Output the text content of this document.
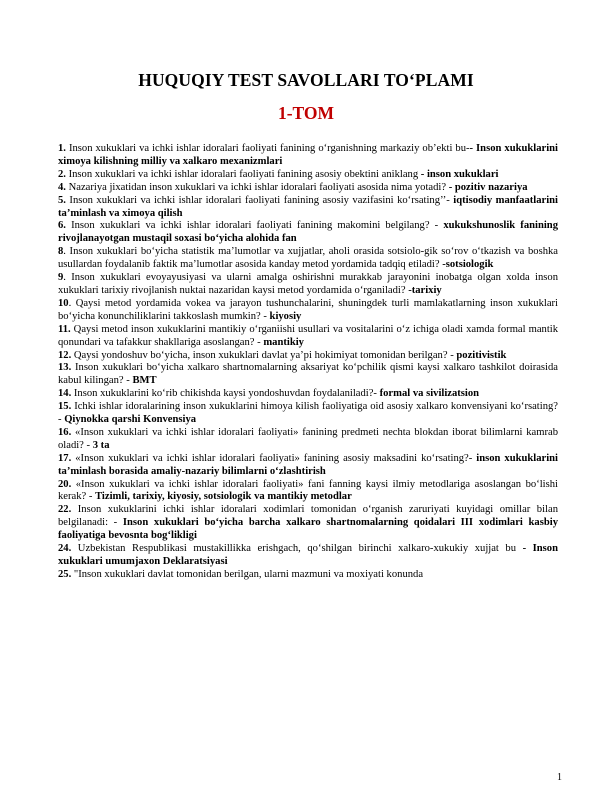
HUQUQIY TEST SAVOLLARI TO‘PLAMI
1-TOM

1. Inson xukuklari va ichki ishlar idoralari faoliyati fanining o‘rganishning markaziy ob’ekti bu-- Inson xukuklarini ximoya kilishning milliy va xalkaro mexanizmlari

2. Inson xukuklari va ichki ishlar idoralari faoliyati fanining asosiy obektini aniklang - inson xukuklari

4. Nazariya jixatidan inson xukuklari va ichki ishlar idoralari faoliyati asosida nima yotadi? - pozitiv nazariya

5. Inson xukuklari va ichki ishlar idoralari faoliyati fanining asosiy vazifasini ko‘rsating’’- iqtisodiy manfaatlarini ta’minlash va ximoya qilish

6. Inson xukuklari va ichki ishlar idoralari faoliyati fanining makomini belgilang? - xukukshunoslik fanining rivojlanayotgan mustaqil soxasi bo‘yicha alohida fan

8. Inson xukuklari bo‘yicha statistik ma’lumotlar va xujjatlar, aholi orasida sotsiolo-gik so‘rov o‘tkazish va boshka usullardan foydalanib faktik ma’lumotlar asosida kanday metod yordamida tadqiq etiladi? -sotsiologik

9. Inson xukuklari evoyayusiyasi va ularni amalga oshirishni murakkab jarayonini inobatga olgan xolda inson xukuklari tarixiy rivojlanish nuktai nazaridan kaysi metod yordamida o‘rganiladi? -tarixiy

10. Qaysi metod yordamida vokea va jarayon tushunchalarini, shuningdek turli mamlakatlarning inson xukuklari bo‘yicha konunchiliklarini takkoslash mumkin? - kiyosiy

11. Qaysi metod inson xukuklarini mantikiy o‘rganiishi usullari va vositalarini o‘z ichiga oladi xamda formal mantik qonundari va tafakkur shakllariga asoslangan? - mantikiy

12. Qaysi yondoshuv bo‘yicha, inson xukuklari davlat ya’pi hokimiyat tomonidan berilgan? - pozitivistik

13. Inson xukuklari bo‘yicha xalkaro shartnomalarning aksariyat ko‘pchilik qismi kaysi xalkaro tashkilot doirasida kabul kilingan? - BMT

14. Inson xukuklarini ko‘rib chikishda kaysi yondoshuvdan foydalaniladi?- formal va sivilizatsion

15. Ichki ishlar idoralarining inson xukuklarini himoya kilish faoliyatiga oid asosiy xalkaro konvensiyani ko‘rsating? - Qiynokka qarshi Konvensiya

16. «Inson xukuklari va ichki ishlar idoralari faoliyati» fanining predmeti nechta blokdan iborat bilimlarni kamrab oladi? - 3 ta

17. «Inson xukuklari va ichki ishlar idoralari faoliyati» fanining asosiy maksadini ko‘rsating?- inson xukuklarini ta’minlash borasida amaliy-nazariy bilimlarni o‘zlashtirish

20. «Inson xukuklari va ichki ishlar idoralari faoliyati» fani fanning kaysi ilmiy metodlariga asoslangan bo‘lishi kerak? - Tizimli, tarixiy, kiyosiy, sotsiologik va mantikiy metodlar

22. Inson xukuklarini ichki ishlar idoralari xodimlari tomonidan o‘rganish zaruriyati kuyidagi omillar bilan belgilanadi: - Inson xukuklari bo‘yicha barcha xalkaro shartnomalarning qoidalari III xodimlari kasbiy faoliyatiga bevosnta bog‘likligi

24. Uzbekistan Respublikasi mustakillikka erishgach, qo‘shilgan birinchi xalkaro-xukukiy xujjat bu - Inson xukuklari umumjaxon Deklaratsiyasi

25. "Inson xukuklari davlat tomonidan berilgan, ularni mazmuni va moxiyati konunda

1
